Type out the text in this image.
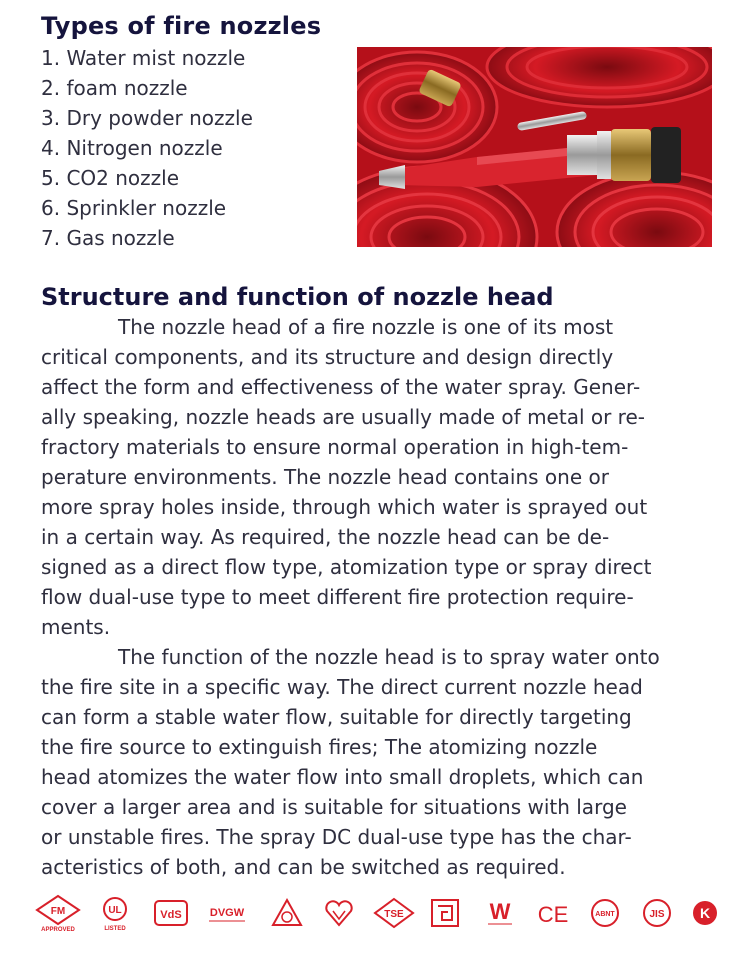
Types of fire nozzles
1. Water mist nozzle
2. foam nozzle
3. Dry powder nozzle
4. Nitrogen nozzle
5. CO2 nozzle
6. Sprinkler nozzle
7. Gas nozzle
Structure and function of nozzle head
The nozzle head of a fire nozzle is one of its most
critical components, and its structure and design directly
affect the form and effectiveness of the water spray. Gener-
ally speaking, nozzle heads are usually made of metal or re-
fractory materials to ensure normal operation in high-tem-
perature environments. The nozzle head contains one or
more spray holes inside, through which water is sprayed out
in a certain way. As required, the nozzle head can be de-
signed as a direct flow type, atomization type or spray direct
flow dual-use type to meet different fire protection require-
ments.
The function of the nozzle head is to spray water onto
the fire site in a specific way. The direct current nozzle head
can form a stable water flow, suitable for directly targeting
the fire source to extinguish fires; The atomizing nozzle
head atomizes the water flow into small droplets, which can
cover a larger area and is suitable for situations with large
or unstable fires. The spray DC dual-use type has the char-
acteristics of both, and can be switched as required.
FM
APPROVED
UL
LISTED
VdS	DVGW	TSE	W CE	ABNT	JIS	K
